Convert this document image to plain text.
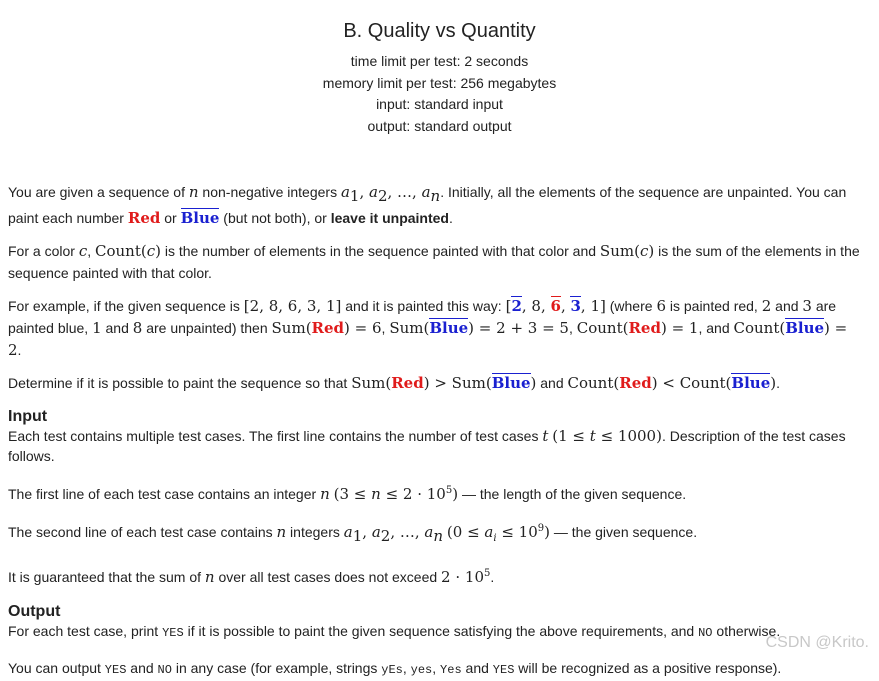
B. Quality vs Quantity
time limit per test: 2 seconds
memory limit per test: 256 megabytes
input: standard input
output: standard output

You are given a sequence of n non-negative integers $a_1$, $a_2$, …, $a_n$. Initially, all the elements of the sequence are unpainted. You can paint each number Red or Blue (but not both), or leave it unpainted.

For a color c, Count(c) is the number of elements in the sequence painted with that color and Sum(c) is the sum of the elements in the sequence painted with that color.

For example, if the given sequence is [2, 8, 6, 3, 1] and it is painted this way: [2, 8, 6, 3, 1] (where 6 is painted red, 2 and 3 are painted blue, 1 and 8 are unpainted) then Sum(Red) = 6, Sum(Blue) = 2 + 3 = 5, Count(Red) = 1, and Count(Blue) = 2.

Determine if it is possible to paint the sequence so that Sum(Red) > Sum(Blue) and Count(Red) < Count(Blue).

Input

Each test contains multiple test cases. The first line contains the number of test cases t (1 ≤ t ≤ 1000). Description of the test cases follows.

The first line of each test case contains an integer n $(3 \le n \le 2 \cdot 10^5)$ — the length of the given sequence.

The second line of each test case contains n integers $a_1$, $a_2$, …, $a_n$ $(0 \le a_i \le 10^9)$ — the given sequence.

It is guaranteed that the sum of n over all test cases does not exceed $2 \cdot 10^5$.

Output

For each test case, print YES if it is possible to paint the given sequence satisfying the above requirements, and NO otherwise.

You can output YES and NO in any case (for example, strings yEs, yes, Yes and YES will be recognized as a positive response).

CSDN @Krito.
